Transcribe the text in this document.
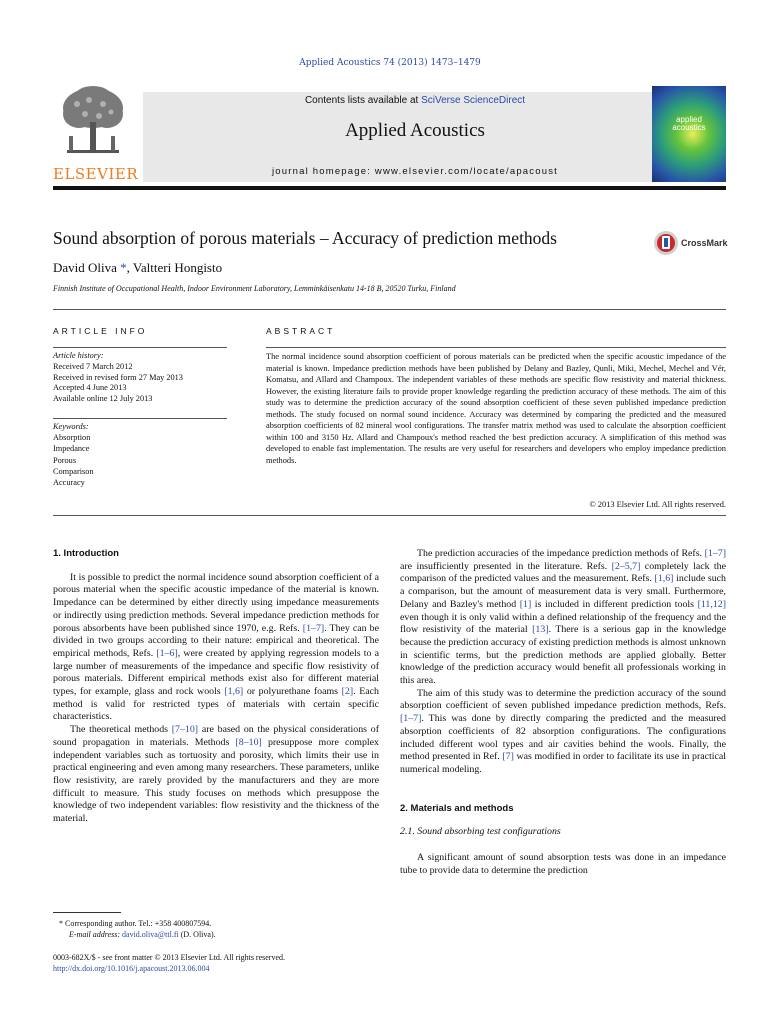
Applied Acoustics 74 (2013) 1473–1479
ELSEVIER
Contents lists available at SciVerse ScienceDirect
Applied Acoustics
journal homepage: www.elsevier.com/locate/apacoust
applied
acoustics
Sound absorption of porous materials – Accuracy of prediction methods	CrossMark
David Oliva *, Valtteri Hongisto
Finnish Institute of Occupational Health, Indoor Environment Laboratory, Lemminkäisenkatu 14-18 B, 20520 Turku, Finland
ARTICLE INFO	ABSTRACT
Article history:
Received 7 March 2012
Received in revised form 27 May 2013
Accepted 4 June 2013
Available online 12 July 2013
Keywords:
Absorption
Impedance
Porous
Comparison
Accuracy
The normal incidence sound absorption coefficient of porous materials can be predicted when the specific acoustic impedance of the material is known. Impedance prediction methods have been published by Delany and Bazley, Qunli, Miki, Mechel, Mechel and Vér, Komatsu, and Allard and Champoux. The independent variables of these methods are specific flow resistivity and material thickness. However, the existing literature fails to provide proper knowledge regarding the prediction accuracy of these methods. The aim of this study was to determine the prediction accuracy of the sound absorption coefficient of these seven published impedance prediction methods. The study focused on normal sound incidence. Accuracy was determined by comparing the predicted and the measured absorption coefficients of 82 mineral wool configurations. The transfer matrix method was used to calculate the absorption coefficient within 100 and 3150 Hz. Allard and Champoux's method reached the best prediction accuracy. A simplification of this method was developed to enable fast implementation. The results are very useful for researchers and developers who employ impedance prediction methods.
© 2013 Elsevier Ltd. All rights reserved.
1. Introduction

It is possible to predict the normal incidence sound absorption coefficient of a porous material when the specific acoustic impedance of the material is known. Impedance can be determined by either directly using impedance measurements or indirectly using prediction methods. Several impedance prediction methods for porous absorbents have been published since 1970, e.g. Refs. [1–7]. They can be divided in two groups according to their nature: empirical and theoretical. The empirical methods, Refs. [1–6], were created by applying regression models to a large number of measurements of the impedance and specific flow resistivity of porous materials. Different empirical methods exist also for different material types, for example, glass and rock wools [1,6] or polyurethane foams [2]. Each method is valid for restricted types of materials with certain specific characteristics.

The theoretical methods [7–10] are based on the physical considerations of sound propagation in materials. Methods [8–10] presuppose more complex independent variables such as tortuosity and porosity, which limits their use in practical engineering and even among many researchers. These parameters, unlike flow resistivity, are rarely provided by the manufacturers and they are more difficult to measure. This study focuses on methods which presuppose the knowledge of two independent variables: flow resistivity and the thickness of the material.

The prediction accuracies of the impedance prediction methods of Refs. [1–7] are insufficiently presented in the literature. Refs. [2–5,7] completely lack the comparison of the predicted values and the measurement. Refs. [1,6] include such a comparison, but the amount of measurement data is very small. Furthermore, Delany and Bazley's method [1] is included in different prediction tools [11,12] even though it is only valid within a defined relationship of the frequency and the flow resistivity of the material [13]. There is a serious gap in the knowledge because the prediction accuracy of existing prediction methods is almost unknown in scientific terms, but the prediction methods are applied globally. Better knowledge of the prediction accuracy would benefit all professionals working in this area.

The aim of this study was to determine the prediction accuracy of the sound absorption coefficient of seven published impedance prediction methods, Refs. [1–7]. This was done by directly comparing the predicted and the measured absorption coefficients of 82 absorption configurations. The configurations included different wool types and air cavities behind the wools. Finally, the method presented in Ref. [7] was modified in order to facilitate its use in practical numerical modeling.

2. Materials and methods
2.1. Sound absorbing test configurations

A significant amount of sound absorption tests was done in an impedance tube to provide data to determine the prediction

* Corresponding author. Tel.: +358 400807594.
E-mail address: david.oliva@ttl.fi (D. Oliva).
0003-682X/$ - see front matter © 2013 Elsevier Ltd. All rights reserved.
http://dx.doi.org/10.1016/j.apacoust.2013.06.004
